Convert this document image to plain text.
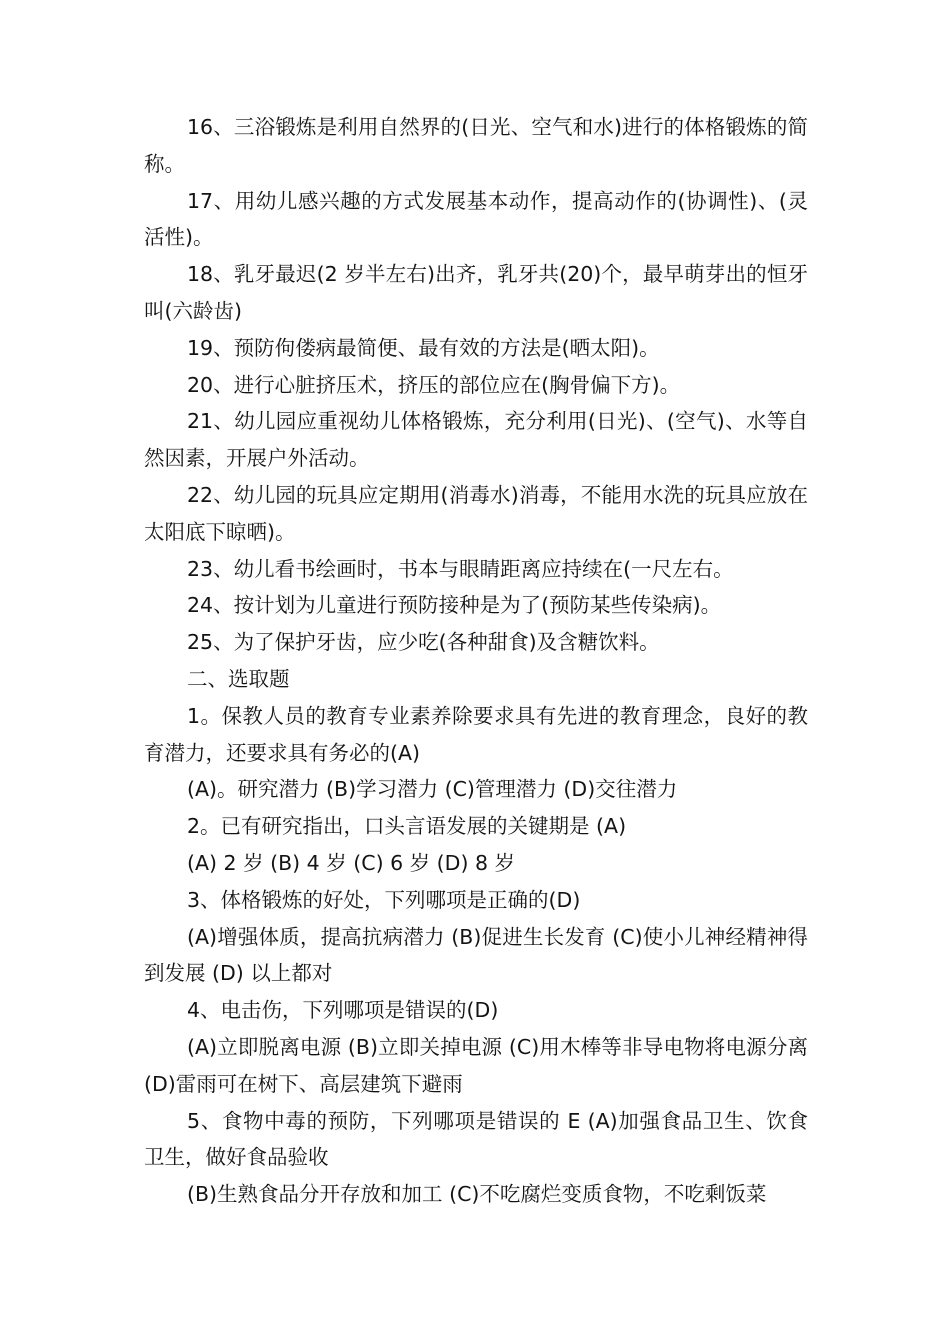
16、三浴锻炼是利用自然界的(日光、空气和水)进行的体格锻炼的简称。

17、用幼儿感兴趣的方式发展基本动作，提高动作的(协调性)、(灵活性)。

18、乳牙最迟(2 岁半左右)出齐，乳牙共(20)个，最早萌芽出的恒牙叫(六龄齿)

19、预防佝偻病最简便、最有效的方法是(晒太阳)。

20、进行心脏挤压术，挤压的部位应在(胸骨偏下方)。

21、幼儿园应重视幼儿体格锻炼，充分利用(日光)、(空气)、水等自然因素，开展户外活动。

22、幼儿园的玩具应定期用(消毒水)消毒，不能用水洗的玩具应放在太阳底下晾晒)。

23、幼儿看书绘画时，书本与眼睛距离应持续在(一尺左右。

24、按计划为儿童进行预防接种是为了(预防某些传染病)。

25、为了保护牙齿，应少吃(各种甜食)及含糖饮料。

二、选取题

1。保教人员的教育专业素养除要求具有先进的教育理念，良好的教育潜力，还要求具有务必的(A)

(A)。研究潜力 (B)学习潜力 (C)管理潜力 (D)交往潜力

2。已有研究指出，口头言语发展的关键期是 (A)

(A) 2 岁 (B) 4 岁 (C) 6 岁 (D) 8 岁

3、体格锻炼的好处，下列哪项是正确的(D)

(A)增强体质，提高抗病潜力 (B)促进生长发育 (C)使小儿神经精神得到发展 (D) 以上都对

4、电击伤，下列哪项是错误的(D)

(A)立即脱离电源 (B)立即关掉电源 (C)用木棒等非导电物将电源分离 (D)雷雨可在树下、高层建筑下避雨

5、食物中毒的预防，下列哪项是错误的 E (A)加强食品卫生、饮食卫生，做好食品验收

(B)生熟食品分开存放和加工 (C)不吃腐烂变质食物，不吃剩饭菜
